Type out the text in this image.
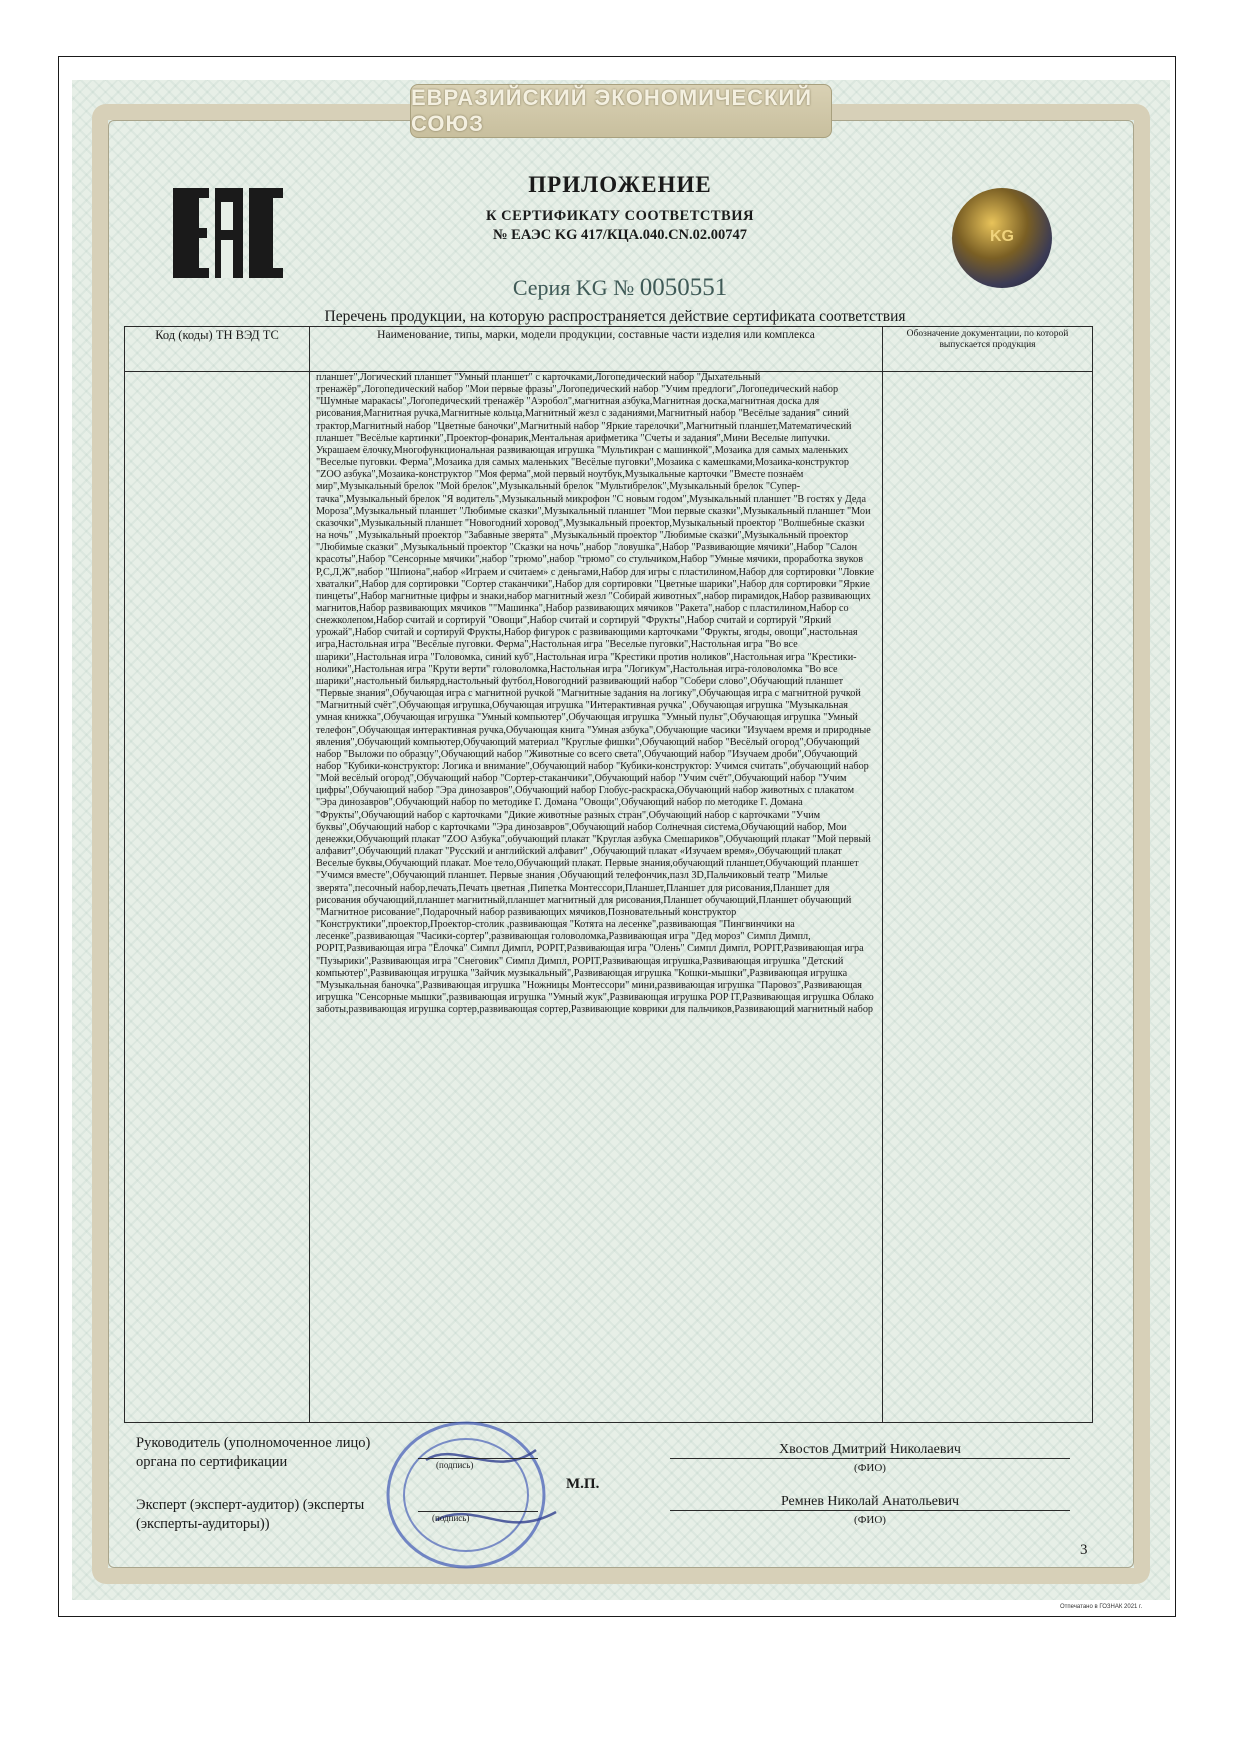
ЕВРАЗИЙСКИЙ ЭКОНОМИЧЕСКИЙ СОЮЗ
ПРИЛОЖЕНИЕ
К СЕРТИФИКАТУ СООТВЕТСТВИЯ
№ ЕАЭС KG 417/КЦА.040.CN.02.00747
Серия KG № 0050551
KG
Перечень продукции, на которую распространяется действие сертификата соответствия
Код (коды) ТН ВЭД ТС	Наименование, типы, марки, модели продукции, составные части изделия или комплекса	Обозначение документации, по которой выпускается продукция
	планшет",Логический планшет "Умный планшет" с карточками,Логопедический набор "Дыхательный тренажёр",Логопедический набор "Мои первые фразы",Логопедический набор "Учим предлоги",Логопедический набор "Шумные маракасы",Логопедический тренажёр "Аэробол",магнитная азбука,Магнитная доска,магнитная доска для рисования,Магнитная ручка,Магнитные кольца,Магнитный жезл с заданиями,Магнитный набор "Весёлые задания" синий трактор,Магнитный набор "Цветные баночки",Магнитный набор "Яркие тарелочки",Магнитный планшет,Математический планшет "Весёлые картинки",Проектор-фонарик,Ментальная арифметика "Счеты и задания",Мини Веселые липучки. Украшаем ёлочку,Многофункциональная развивающая игрушка "Мультикран с машинкой",Мозаика для самых маленьких "Веселые пуговки. Ферма",Мозаика для самых маленьких "Весёлые пуговки",Мозаика с камешками,Мозаика-конструктор "ZOO азбука",Мозаика-конструктор "Моя ферма",мой первый ноутбук,Музыкальные карточки "Вместе познаём мир",Музыкальный брелок "Мой брелок",Музыкальный брелок "Мультибрелок",Музыкальный брелок "Супер-тачка",Музыкальный брелок "Я водитель",Музыкальный микрофон "С новым годом",Музыкальный планшет "В гостях у Деда Мороза",Музыкальный планшет "Любимые сказки",Музыкальный планшет "Мои первые сказки",Музыкальный планшет "Мои сказочки",Музыкальный планшет "Новогодний хоровод",Музыкальный проектор,Музыкальный проектор "Волшебные сказки на ночь" ,Музыкальный проектор "Забавные зверята" ,Музыкальный проектор "Любимые сказки",Музыкальный проектор "Любимые сказки" ,Музыкальный проектор "Сказки на ночь",набор "ловушка",Набор "Развивающие мячики",Набор "Салон красоты",Набор "Сенсорные мячики",набор "трюмо",набор "трюмо" со стульчиком,Набор "Умные мячики, проработка звуков Р,С,Л,Ж",набор "Шпиона",набор «Играем и считаем» с деньгами,Набор для игры с пластилином,Набор для сортировки "Ловкие хваталки",Набор для сортировки "Сортер стаканчики",Набор для сортировки "Цветные шарики",Набор для сортировки "Яркие пинцеты",Набор магнитные цифры и знаки,набор магнитный жезл "Собирай животных",набор пирамидок,Набор развивающих магнитов,Набор развивающих мячиков ""Машинка",Набор развивающих мячиков "Ракета",набор с пластилином,Набор со снежколепом,Набор считай и сортируй "Овощи",Набор считай и сортируй "Фрукты",Набор считай и сортируй "Яркий урожай",Набор считай и сортируй Фрукты,Набор фигурок с развивающими карточками "Фрукты, ягоды, овощи",настольная игра,Настольная игра "Весёлые пуговки. Ферма",Настольная игра "Веселые пуговки",Настольная игра "Во все шарики",Настольная игра "Головомка, синий куб",Настольная игра "Крестики против ноликов",Настольная игра "Крестики-нолики",Настольная игра "Крути верти" головоломка,Настольная игра "Логикум",Настольная игра-головоломка "Во все шарики",настольный бильярд,настольный футбол,Новогодний развивающий набор "Собери слово",Обучающий планшет "Первые знания",Обучающая игра с магнитной ручкой "Магнитные задания на логику",Обучающая игра с магнитной ручкой "Магнитный счёт",Обучающая игрушка,Обучающая игрушка "Интерактивная ручка" ,Обучающая игрушка "Музыкальная умная книжка",Обучающая игрушка "Умный компьютер",Обучающая игрушка "Умный пульт",Обучающая игрушка "Умный телефон",Обучающая интерактивная ручка,Обучающая книга "Умная азбука",Обучающие часики "Изучаем время и природные явления",Обучающий компьютер,Обучающий материал "Круглые фишки",Обучающий набор "Весёлый огород",Обучающий набор "Выложи по образцу",Обучающий набор "Животные со всего света",Обучающий набор "Изучаем дроби",Обучающий набор "Кубики-конструктор: Логика и внимание",Обучающий набор "Кубики-конструктор: Учимся считать",обучающий набор "Мой весёлый огород",Обучающий набор "Сортер-стаканчики",Обучающий набор "Учим счёт",Обучающий набор "Учим цифры",Обучающий набор "Эра динозавров",Обучающий набор Глобус-раскраска,Обучающий набор животных с плакатом "Эра динозавров",Обучающий набор по методике Г. Домана "Овощи",Обучающий набор по методике Г. Домана "Фрукты",Обучающий набор с карточками "Дикие животные разных стран",Обучающий набор с карточками "Учим буквы",Обучающий набор с карточками "Эра динозавров",Обучающий набор Солнечная система,Обучающий набор, Мои денежки,Обучающий плакат "ZOO Азбука",обучающий плакат "Круглая азбука Смешариков",Обучающий плакат "Мой первый алфавит",Обучающий плакат "Русский и английский алфавит" ,Обучающий плакат «Изучаем время»,Обучающий плакат Веселые буквы,Обучающий плакат. Мое тело,Обучающий плакат. Первые знания,обучающий планшет,Обучающий планшет "Учимся вместе",Обучающий планшет. Первые знания ,Обучающий телефончик,пазл 3D,Пальчиковый театр "Милые зверята",песочный набор,печать,Печать цветная ,Пипетка Монтессори,Планшет,Планшет для рисования,Планшет для рисования обучающий,планшет магнитный,планшет магнитный для рисования,Планшет обучающий,Планшет обучающий "Магнитное рисование",Подарочный набор развивающих мячиков,Позновательный конструктор "Конструктики",проектор,Проектор-столик ,развивающая "Котята на лесенке",развивающая "Пингвинчики на лесенке",развивающая "Часики-сортер",развивающая головоломка,Развивающая игра "Дед мороз" Симпл Димпл, POPIT,Развивающая игра "Ёлочка" Симпл Димпл, POPIT,Развивающая игра "Олень" Симпл Димпл, POPIT,Развивающая игра "Пузырики",Развивающая игра "Снеговик" Симпл Димпл, POPIT,Развивающая игрушка,Развивающая игрушка "Детский компьютер",Развивающая игрушка "Зайчик музыкальный",Развивающая игрушка "Кошки-мышки",Развивающая игрушка "Музыкальная баночка",Развивающая игрушка "Ножницы Монтессори" мини,развивающая игрушка "Паровоз",Развивающая игрушка "Сенсорные мышки",развивающая игрушка "Умный жук",Развивающая игрушка POP IT,Развивающая игрушка Облако заботы,развивающая игрушка сортер,развивающая сортер,Развивающие коврики для пальчиков,Развивающий магнитный набор	
Руководитель (уполномоченное лицо) органа по сертификации
Эксперт (эксперт-аудитор) (эксперты (эксперты-аудиторы))
(подпись)
(подпись)
М.П.
Хвостов Дмитрий Николаевич
(ФИО)
Ремнев Николай Анатольевич
(ФИО)
3
Отпечатано в ГОЗНАК 2021 г.
